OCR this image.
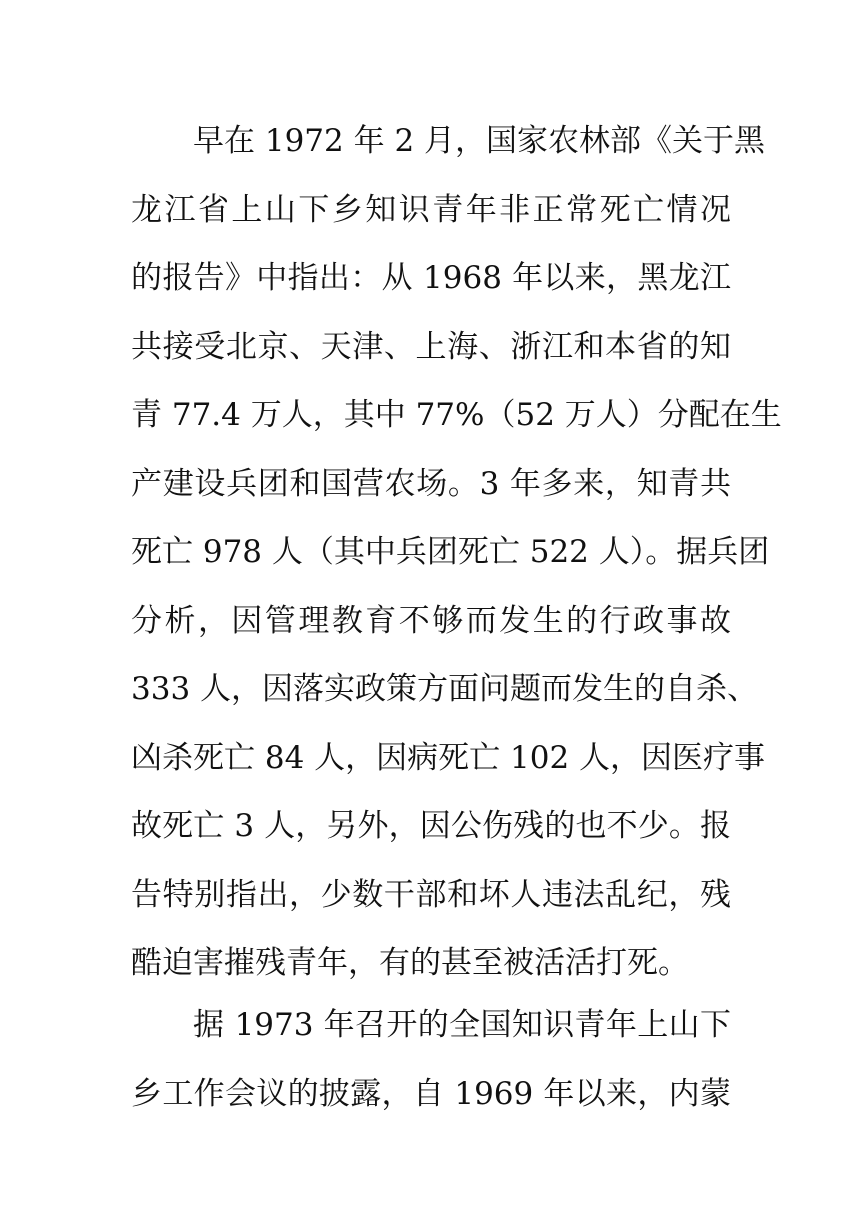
早在 1972 年 2 月，国家农林部《关于黑
龙江省上山下乡知识青年非正常死亡情况
的报告》中指出：从 1968 年以来，黑龙江
共接受北京、天津、上海、浙江和本省的知
青 77.4 万人，其中 77%（52 万人）分配在生
产建设兵团和国营农场。3 年多来，知青共
死亡 978 人（其中兵团死亡 522 人）。据兵团
分析，因管理教育不够而发生的行政事故
333 人，因落实政策方面问题而发生的自杀、
凶杀死亡 84 人，因病死亡 102 人，因医疗事
故死亡 3 人，另外，因公伤残的也不少。报
告特别指出，少数干部和坏人违法乱纪，残
酷迫害摧残青年，有的甚至被活活打死。
据 1973 年召开的全国知识青年上山下
乡工作会议的披露，自 1969 年以来，内蒙
